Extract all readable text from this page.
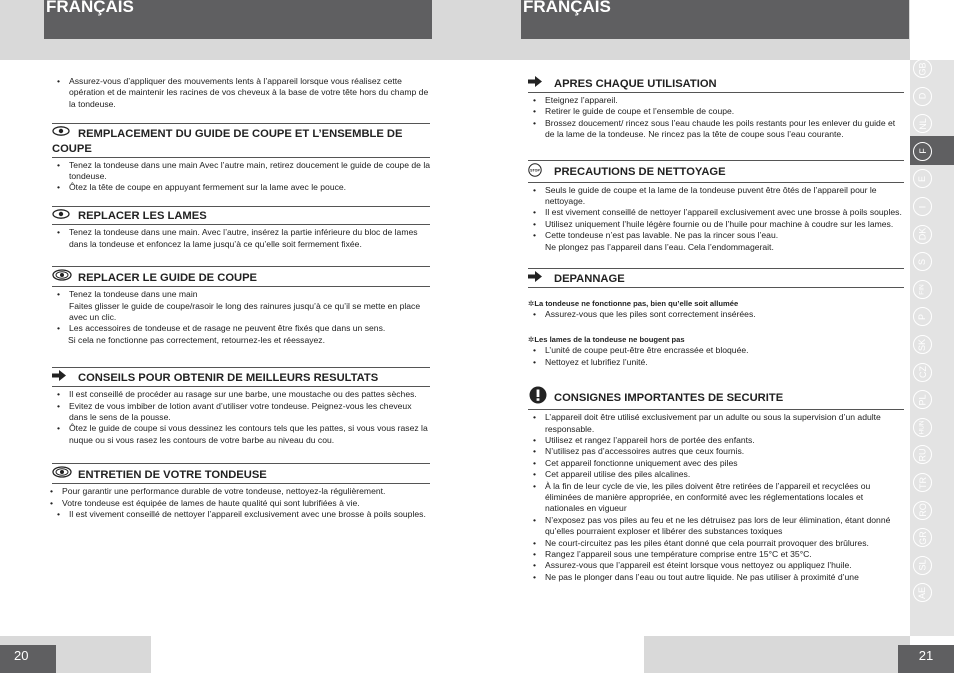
FRANÇAIS	FRANÇAIS
GB
D
NL
F
E
I
DK
S
FIN
P
SK
CZ
PL
HUN
RU
TR
RO
GR
SL
AE
• Assurez-vous d’appliquer des mouvements lents à l’appareil lorsque vous réalisez cette opération et de maintenir les racines de vos cheveux à la base de votre tête hors du champ de la tondeuse.
REMPLACEMENT DU GUIDE DE COUPE ET L’ENSEMBLE DE COUPE
• Tenez la tondeuse dans une main Avec l’autre main, retirez doucement le guide de coupe de la tondeuse.
• Ôtez la tête de coupe en appuyant fermement sur la lame avec le pouce.
REPLACER LES LAMES
• Tenez la tondeuse dans une main. Avec l’autre, insérez la partie inférieure du bloc de lames dans la tondeuse et enfoncez la lame jusqu’à ce qu’elle soit fermement fixée.
REPLACER LE GUIDE DE COUPE
• Tenez la tondeuse dans une main
Faites glisser le guide de coupe/rasoir le long des rainures jusqu’à ce qu’il se mette en place avec un clic.
• Les accessoires de tondeuse et de rasage ne peuvent être fixés que dans un sens.
Si cela ne fonctionne pas correctement, retournez-les et réessayez.
CONSEILS POUR OBTENIR DE MEILLEURS RESULTATS
• Il est conseillé de procéder au rasage sur une barbe, une moustache ou des pattes sèches.
• Evitez de vous imbiber de lotion avant d’utiliser votre tondeuse. Peignez-vous les cheveux dans le sens de la pousse.
• Ôtez le guide de coupe si vous dessinez les contours tels que les pattes, si vous vous rasez la nuque ou si vous rasez les contours de votre barbe au niveau du cou.
ENTRETIEN DE VOTRE TONDEUSE
• Pour garantir une performance durable de votre tondeuse, nettoyez-la régulièrement.
• Votre tondeuse est équipée de lames de haute qualité qui sont lubrifiées à vie.
• Il est vivement conseillé de nettoyer l’appareil exclusivement avec une brosse à poils souples.
APRES CHAQUE UTILISATION
• Eteignez l’appareil.
• Retirer le guide de coupe et l’ensemble de coupe.
• Brossez doucement/ rincez sous l’eau chaude les poils restants pour les enlever du guide et de la lame de la tondeuse. Ne rincez pas la tête de coupe sous l’eau courante.
STOP PRECAUTIONS DE NETTOYAGE
• Seuls le guide de coupe et la lame de la tondeuse puvent être ôtés de l’appareil pour le nettoyage.
• Il est vivement conseillé de nettoyer l’appareil exclusivement avec une brosse à poils souples.
• Utilisez uniquement l’huile légère fournie ou de l’huile pour machine à coudre sur les lames.
• Cette tondeuse n’est pas lavable. Ne pas la rincer sous l’eau.
Ne plongez pas l’appareil dans l’eau. Cela l’endommagerait.
DEPANNAGE
✲La tondeuse ne fonctionne pas, bien qu’elle soit allumée
• Assurez-vous que les piles sont correctement insérées.
✲Les lames de la tondeuse ne bougent pas
• L’unité de coupe peut-être être encrassée et bloquée.
• Nettoyez et lubrifiez l’unité.
CONSIGNES IMPORTANTES DE SECURITE
• L’appareil doit être utilisé exclusivement par un adulte ou sous la supervision d’un adulte responsable.
• Utilisez et rangez l’appareil hors de portée des enfants.
• N’utilisez pas d’accessoires autres que ceux fournis.
• Cet appareil fonctionne uniquement avec des piles
• Cet appareil utilise des piles alcalines.
• À la fin de leur cycle de vie, les piles doivent être retirées de l’appareil et recyclées ou éliminées de manière appropriée, en conformité avec les réglementations locales et nationales en vigueur
• N’exposez pas vos piles au feu et ne les détruisez pas lors de leur élimination, étant donné qu’elles pourraient exploser et libérer des substances toxiques
• Ne court-circuitez pas les piles étant donné que cela pourrait provoquer des brûlures.
• Rangez l’appareil sous une température comprise entre 15°C et 35°C.
• Assurez-vous que l’appareil est éteint lorsque vous nettoyez ou appliquez l’huile.
• Ne pas le plonger dans l’eau ou tout autre liquide. Ne pas utiliser à proximité d’une
20	21
